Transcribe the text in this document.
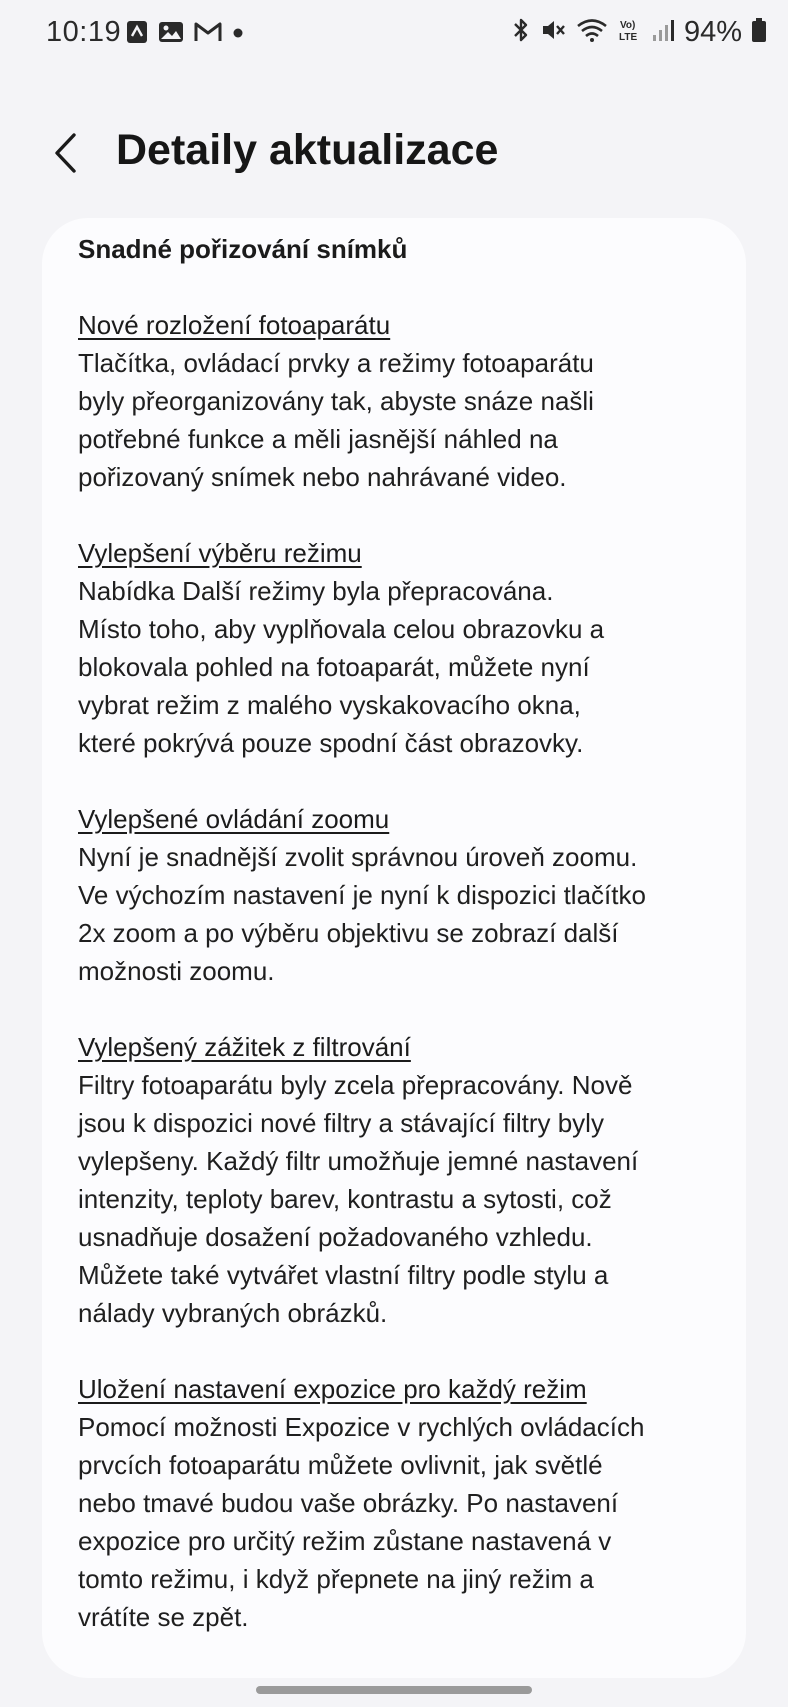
10:19	Vo)
LTE 94%
Detaily aktualizace
Snadné pořizování snímků
Nové rozložení fotoaparátu
Tlačítka, ovládací prvky a režimy fotoaparátu
byly přeorganizovány tak, abyste snáze našli
potřebné funkce a měli jasnější náhled na
pořizovaný snímek nebo nahrávané video.
Vylepšení výběru režimu
Nabídka Další režimy byla přepracována.
Místo toho, aby vyplňovala celou obrazovku a
blokovala pohled na fotoaparát, můžete nyní
vybrat režim z malého vyskakovacího okna,
které pokrývá pouze spodní část obrazovky.
Vylepšené ovládání zoomu
Nyní je snadnější zvolit správnou úroveň zoomu.
Ve výchozím nastavení je nyní k dispozici tlačítko
2x zoom a po výběru objektivu se zobrazí další
možnosti zoomu.
Vylepšený zážitek z filtrování
Filtry fotoaparátu byly zcela přepracovány. Nově
jsou k dispozici nové filtry a stávající filtry byly
vylepšeny. Každý filtr umožňuje jemné nastavení
intenzity, teploty barev, kontrastu a sytosti, což
usnadňuje dosažení požadovaného vzhledu.
Můžete také vytvářet vlastní filtry podle stylu a
nálady vybraných obrázků.
Uložení nastavení expozice pro každý režim
Pomocí možnosti Expozice v rychlých ovládacích
prvcích fotoaparátu můžete ovlivnit, jak světlé
nebo tmavé budou vaše obrázky. Po nastavení
expozice pro určitý režim zůstane nastavená v
tomto režimu, i když přepnete na jiný režim a
vrátíte se zpět.
